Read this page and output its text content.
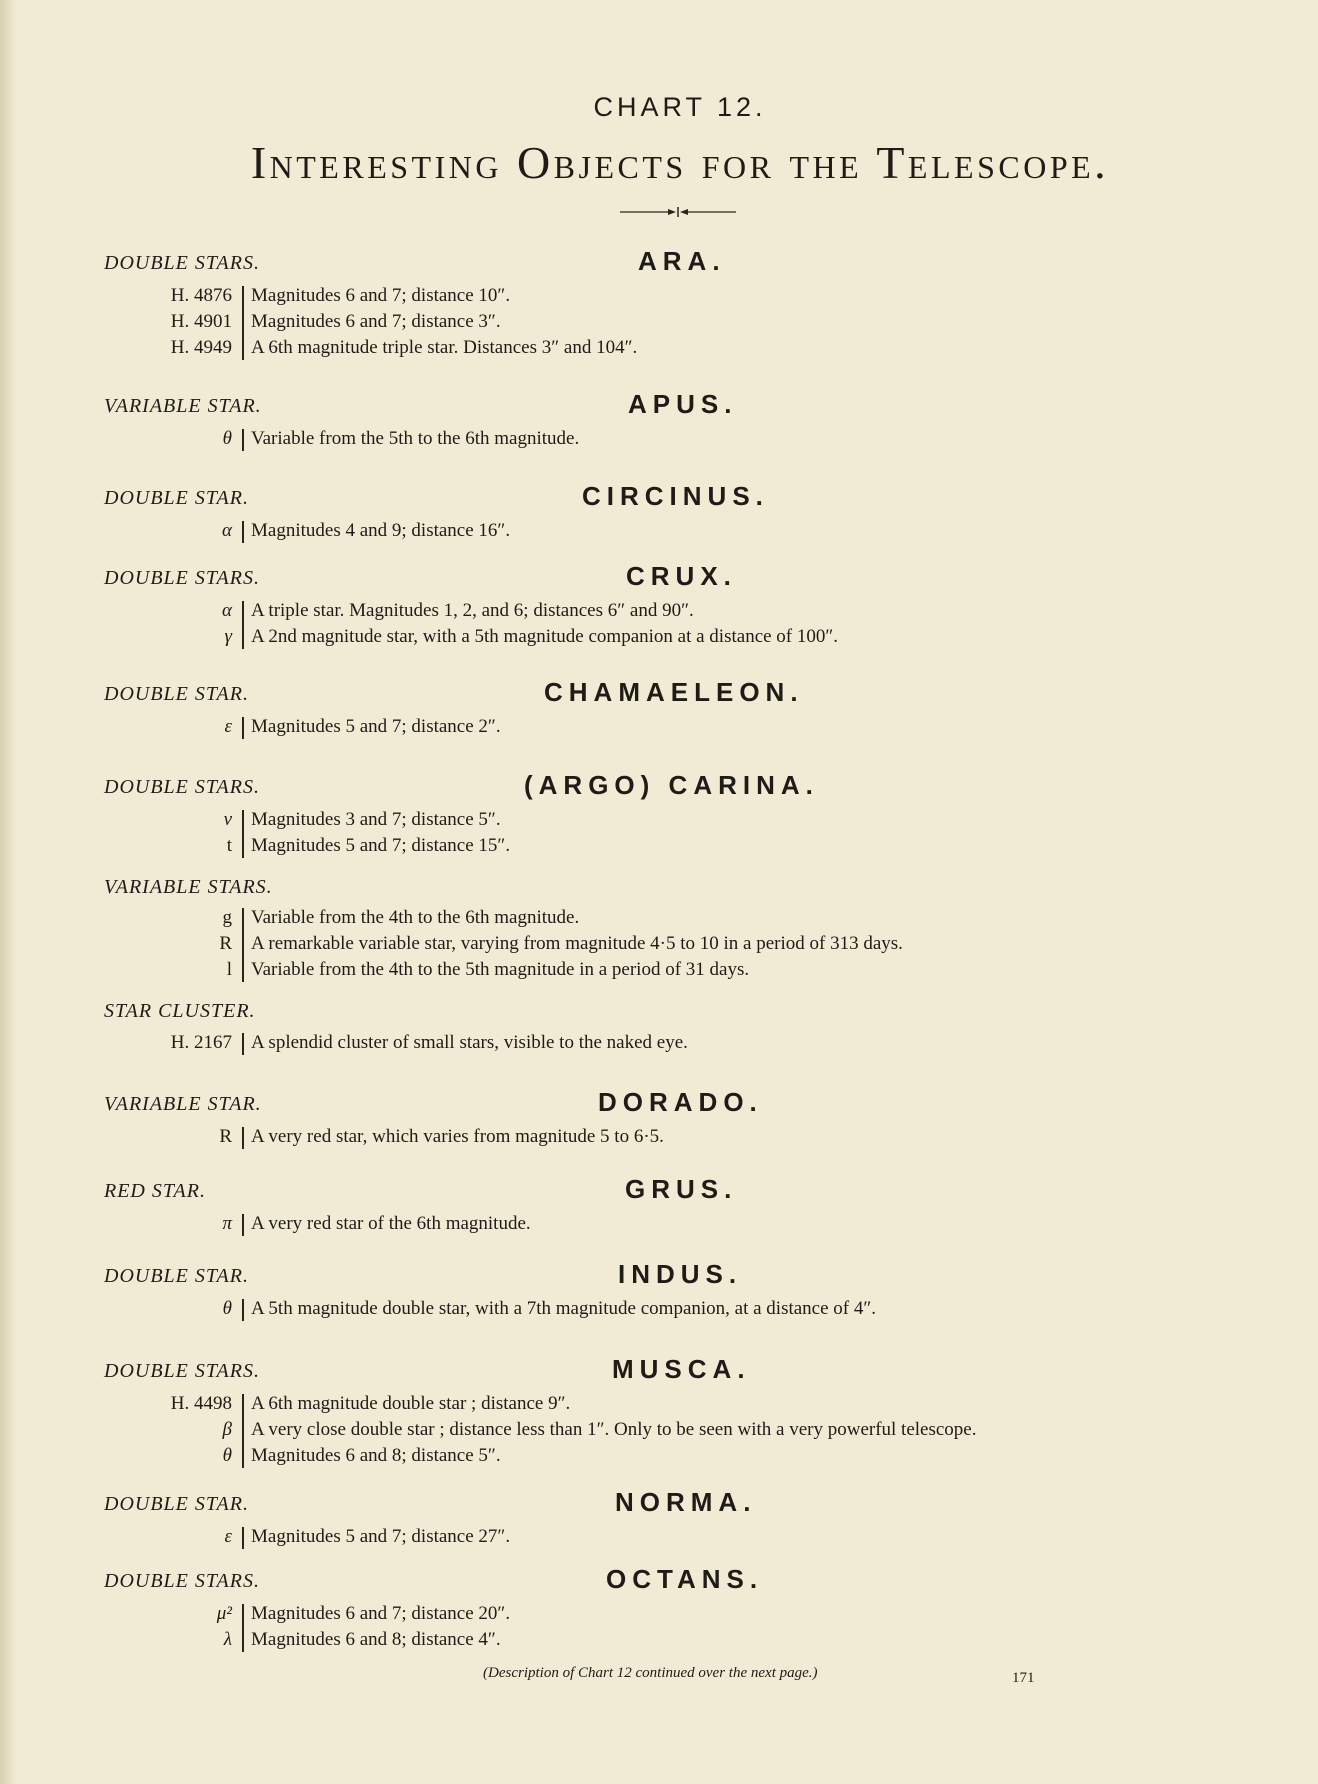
CHART 12.
Interesting Objects for the Telescope.
DOUBLE STARS.	ARA.
H. 4876 Magnitudes 6 and 7; distance 10″.
H. 4901 Magnitudes 6 and 7; distance 3″.
H. 4949 A 6th magnitude triple star. Distances 3″ and 104″.
VARIABLE STAR.	APUS.
θ Variable from the 5th to the 6th magnitude.
DOUBLE STAR.	CIRCINUS.
α Magnitudes 4 and 9; distance 16″.
DOUBLE STARS.	CRUX.
α A triple star. Magnitudes 1, 2, and 6; distances 6″ and 90″.
γ A 2nd magnitude star, with a 5th magnitude companion at a distance of 100″.
DOUBLE STAR.	CHAMAELEON.
ε Magnitudes 5 and 7; distance 2″.
DOUBLE STARS.	(ARGO) CARINA.
ν Magnitudes 3 and 7; distance 5″.
t Magnitudes 5 and 7; distance 15″.
VARIABLE STARS.
g Variable from the 4th to the 6th magnitude.
R A remarkable variable star, varying from magnitude 4·5 to 10 in a period of 313 days.
l Variable from the 4th to the 5th magnitude in a period of 31 days.
STAR CLUSTER.
H. 2167 A splendid cluster of small stars, visible to the naked eye.
VARIABLE STAR.	DORADO.
R A very red star, which varies from magnitude 5 to 6·5.
RED STAR.	GRUS.
π A very red star of the 6th magnitude.
DOUBLE STAR.	INDUS.
θ A 5th magnitude double star, with a 7th magnitude companion, at a distance of 4″.
DOUBLE STARS.	MUSCA.
H. 4498 A 6th magnitude double star ; distance 9″.
β A very close double star ; distance less than 1″. Only to be seen with a very powerful telescope.
θ Magnitudes 6 and 8; distance 5″.
DOUBLE STAR.	NORMA.
ε Magnitudes 5 and 7; distance 27″.
DOUBLE STARS.	OCTANS.
μ² Magnitudes 6 and 7; distance 20″.
λ Magnitudes 6 and 8; distance 4″.
(Description of Chart 12 continued over the next page.)	171
